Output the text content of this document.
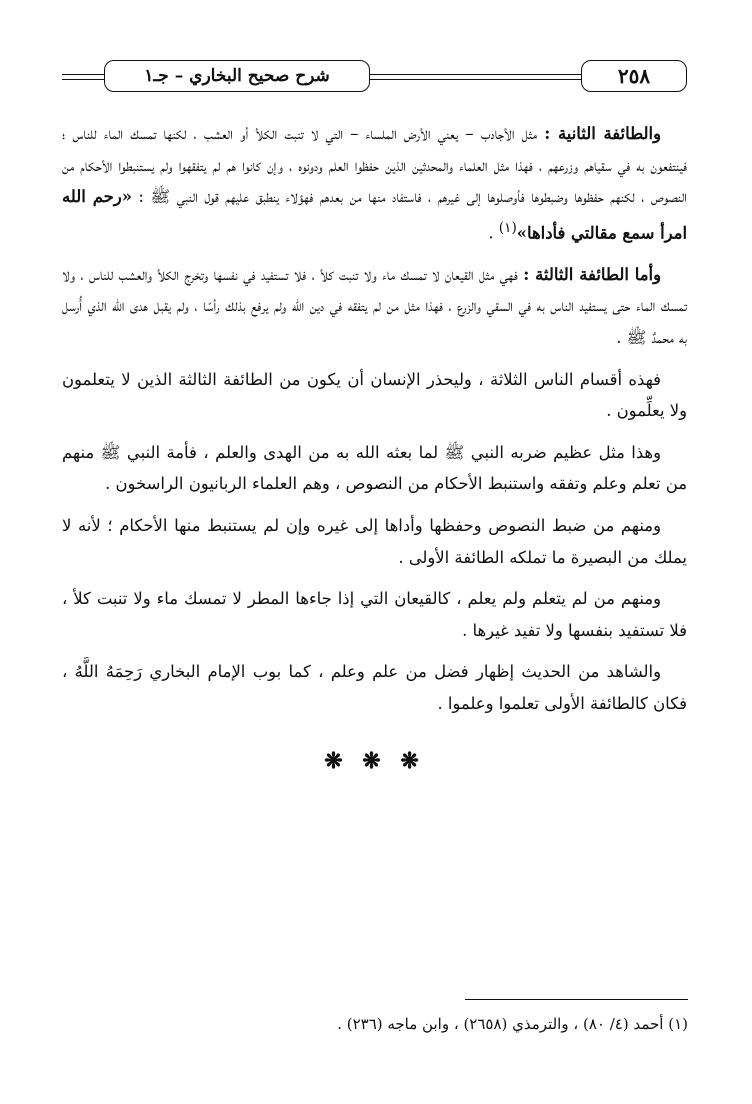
٢٥٨
شرح صحيح البخاري – جـ١

والطائفة الثانية : مثل الأجادب – يعني الأرض الملساء – التي لا تنبت الكلأ أو العشب ، لكنها تمسك الماء للناس ؛ فينتفعون به في سقياهم وزرعهم ، فهذا مثل العلماء والمحدثين الذين حفظوا العلم ودونوه ، وإن كانوا هم لم يتفقهوا ولم يستنبطوا الأحكام من النصوص ، لكنهم حفظوها وضبطوها فأوصلوها إلى غيرهم ، فاستفاد منها من بعدهم فهؤلاء ينطبق عليهم قول النبي ﷺ : «رحم الله امرأ سمع مقالتي فأداها»$^{(١)}$ .

وأما الطائفة الثالثة : فهي مثل القيعان لا تمسك ماء ولا تنبت كلأ ، فلا تستفيد في نفسها وتخرج الكلأ والعشب للناس ، ولا تمسك الماء حتى يستفيد الناس به في السقي والزرع ، فهذا مثل من لم يتفقه في دين الله ولم يرفع بذلك رأسًا ، ولم يقبل هدى الله الذي أُرسل به محمدٌ ﷺ .

فهذه أقسام الناس الثلاثة ، وليحذر الإنسان أن يكون من الطائفة الثالثة الذين لا يتعلمون ولا يعلِّمون .

وهذا مثل عظيم ضربه النبي ﷺ لما بعثه الله به من الهدى والعلم ، فأمة النبي ﷺ منهم من تعلم وعلم وتفقه واستنبط الأحكام من النصوص ، وهم العلماء الربانيون الراسخون .

ومنهم من ضبط النصوص وحفظها وأداها إلى غيره وإن لم يستنبط منها الأحكام ؛ لأنه لا يملك من البصيرة ما تملكه الطائفة الأولى .

ومنهم من لم يتعلم ولم يعلم ، كالقيعان التي إذا جاءها المطر لا تمسك ماء ولا تنبت كلأ ، فلا تستفيد بنفسها ولا تفيد غيرها .

والشاهد من الحديث إظهار فضل من علم وعلم ، كما بوب الإمام البخاري رَحِمَهُ اللَّهُ ، فكان كالطائفة الأولى تعلموا وعلموا .

❋ ❋ ❋
(١) أحمد (٤/ ٨٠) ، والترمذي (٢٦٥٨) ، وابن ماجه (٢٣٦) .
